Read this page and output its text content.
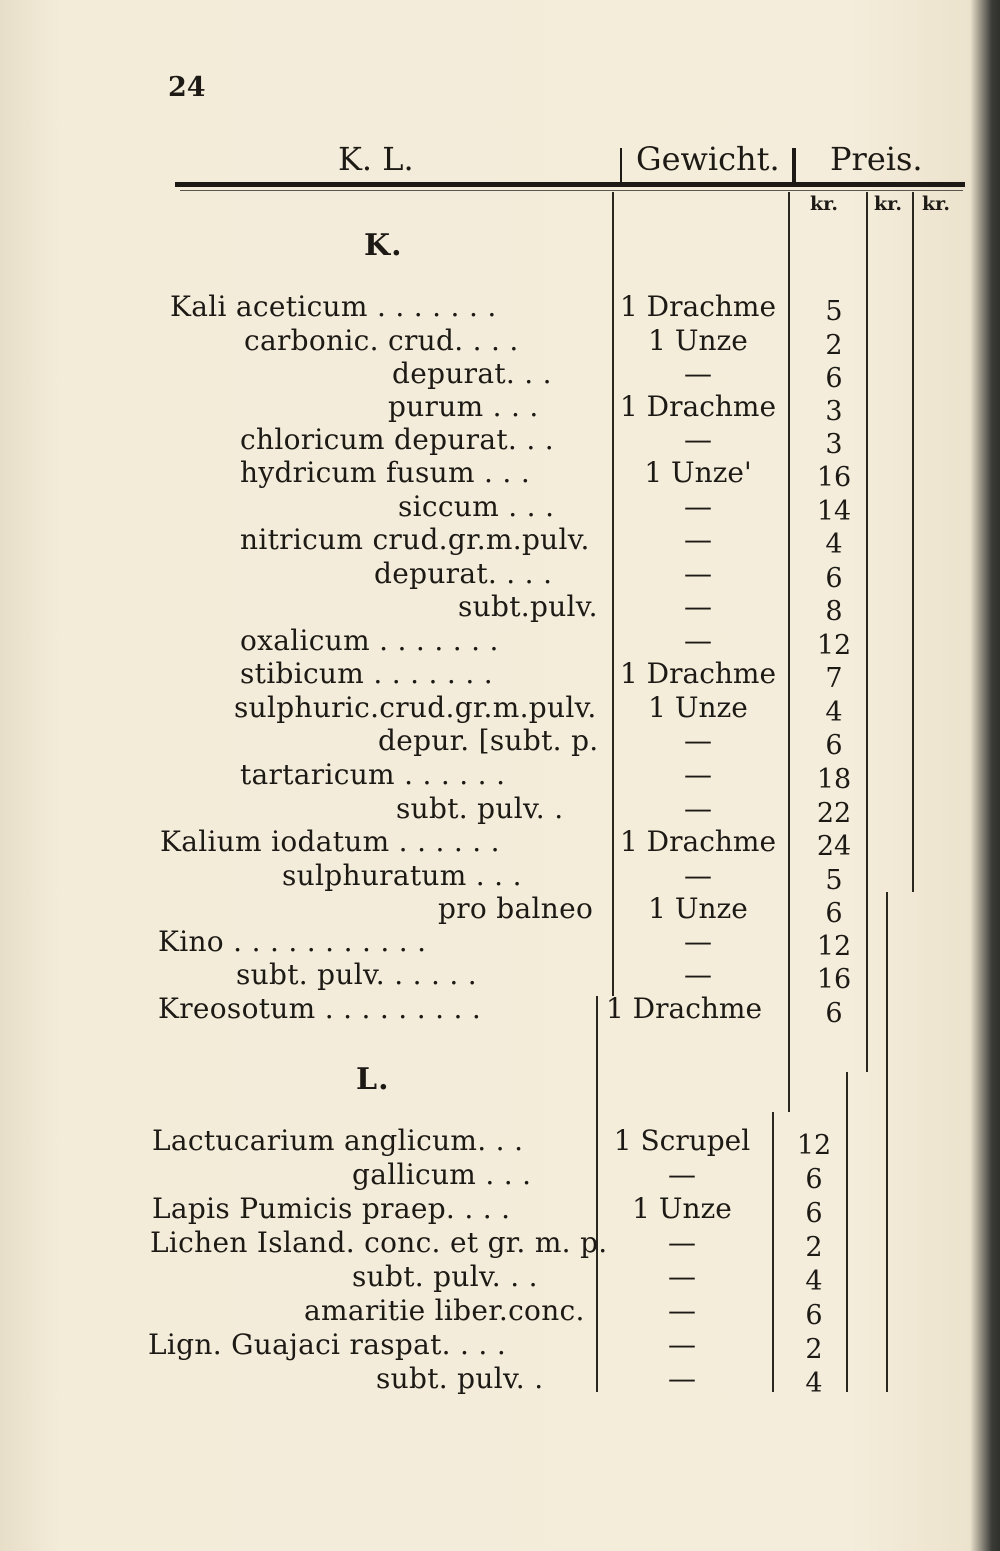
24
K. L.	Gewicht. Preis.
kr. kr. kr.
K.
Kali aceticum . . . . . . .	1 Drachme	5
carbonic. crud. . . .	1 Unze	2
depurat. . .	—	6
purum . . .	1 Drachme	3
chloricum depurat. . .	—	3
hydricum fusum . . .	1 Unze'	16
siccum . . .	—	14
nitricum crud.gr.m.pulv.	—	4
depurat. . . .	—	6
subt.pulv.	—	8
oxalicum . . . . . . .	—	12
stibicum . . . . . . .	1 Drachme	7
sulphuric.crud.gr.m.pulv.	1 Unze	4
depur. [subt. p.	—	6
tartaricum . . . . . .	—	18
subt. pulv. .	—	22
Kalium iodatum . . . . . .	1 Drachme	24
sulphuratum . . .	—	5
pro balneo	1 Unze	6
Kino . . . . . . . . . . .	—	12
subt. pulv. . . . . .	—	16
Kreosotum . . . . . . . . .	1 Drachme	6
L.
Lactucarium anglicum. . .	1 Scrupel	12
gallicum . . .	—	6
Lapis Pumicis praep. . . .	1 Unze	6
Lichen Island. conc. et gr. m. p.	—	2
subt. pulv. . .	—	4
amaritie liber.conc.	—	6
Lign. Guajaci raspat. . . .	—	2
subt. pulv. .	—	4
